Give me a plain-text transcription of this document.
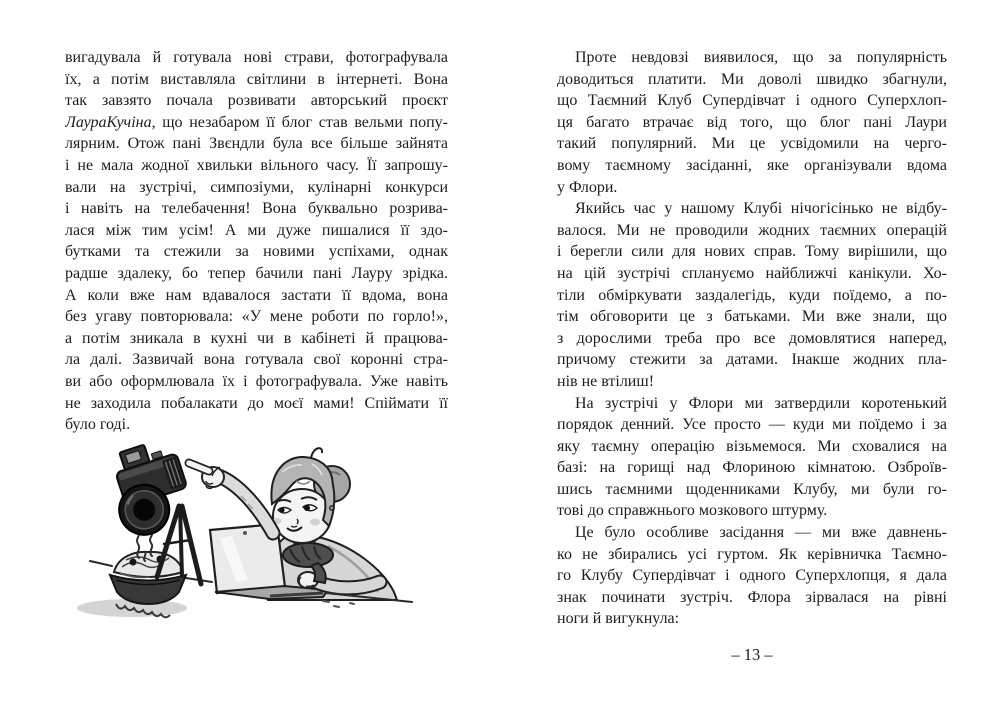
вигадувала й готувала нові страви, фотографувала
їх, а потім виставляла світлини в інтернеті. Вона
так завзято почала розвивати авторський проєкт
ЛаураКучіна, що незабаром її блог став вельми попу-
лярним. Отож пані Звєндли була все більше зайнята
і не мала жодної хвильки вільного часу. Її запрошу-
вали на зустрічі, симпозіуми, кулінарні конкурси
і навіть на телебачення! Вона буквально розрива-
лася між тим усім! А ми дуже пишалися її здо-
бутками та стежили за новими успіхами, однак
радше здалеку, бо тепер бачили пані Лауру зрідка.
А коли вже нам вдавалося застати її вдома, вона
без угаву повторювала: «У мене роботи по горло!»,
а потім зникала в кухні чи в кабінеті й працюва-
ла далі. Зазвичай вона готувала свої коронні стра-
ви або оформлювала їх і фотографувала. Уже навіть
не заходила побалакати до моєї мами! Спіймати її
було годі.
Проте невдовзі виявилося, що за популярність
доводиться платити. Ми доволі швидко збагнули,
що Таємний Клуб Супердівчат і одного Суперхлоп-
ця багато втрачає від того, що блог пані Лаури
такий популярний. Ми це усвідомили на черго-
вому таємному засіданні, яке організували вдома
у Флори.
Якийсь час у нашому Клубі нічогісінько не відбу-
валося. Ми не проводили жодних таємних операцій
і берегли сили для нових справ. Тому вирішили, що
на цій зустрічі сплануємо найближчі канікули. Хо-
тіли обміркувати заздалегідь, куди поїдемо, а по-
тім обговорити це з батьками. Ми вже знали, що
з дорослими треба про все домовлятися наперед,
причому стежити за датами. Інакше жодних пла-
нів не втілиш!
На зустрічі у Флори ми затвердили коротенький
порядок денний. Усе просто — куди ми поїдемо і за
яку таємну операцію візьмемося. Ми сховалися на
базі: на горищі над Флориною кімнатою. Озброїв-
шись таємними щоденниками Клубу, ми були го-
тові до справжнього мозкового штурму.
Це було особливе засідання — ми вже давнень-
ко не збирались усі гуртом. Як керівничка Таємно-
го Клубу Супердівчат і одного Суперхлопця, я дала
знак починати зустріч. Флора зірвалася на рівні
ноги й вигукнула:
– 13 –
